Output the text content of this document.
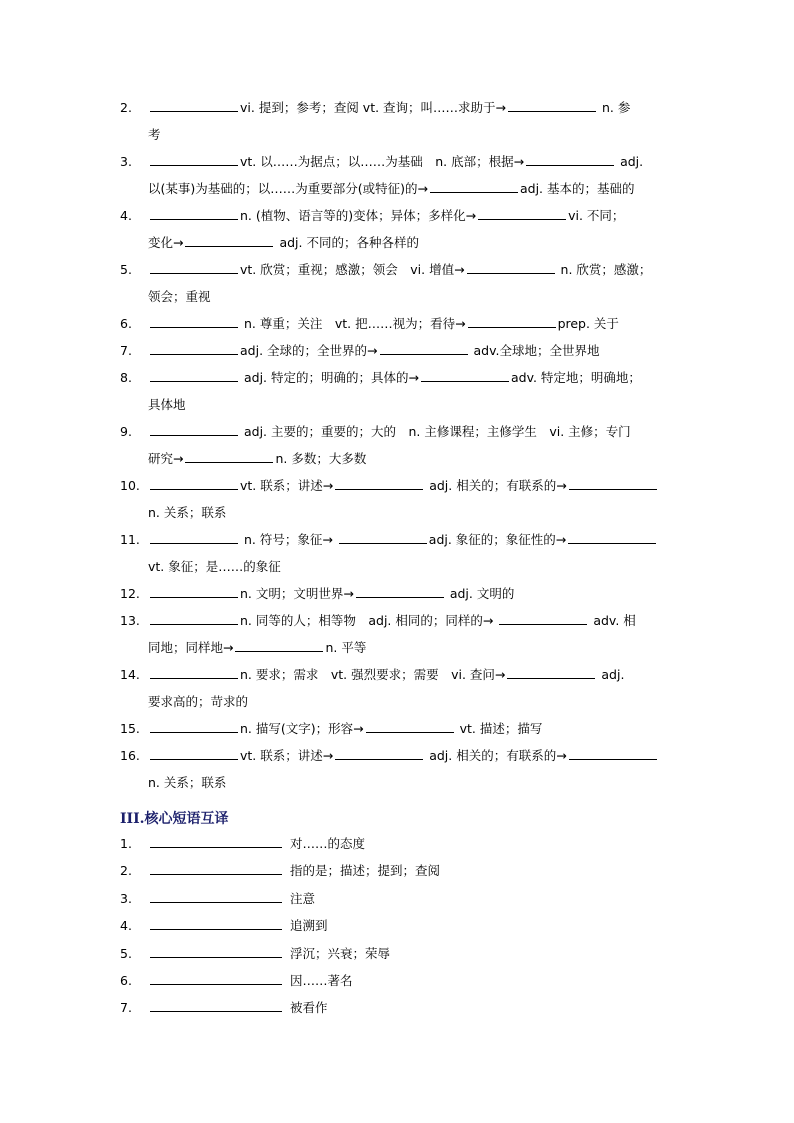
2.	vi. 提到；参考；查阅 vt. 查询；叫……求助于→	n. 参
考
3.	vt. 以……为据点；以……为基础　n. 底部；根据→	adj.
以(某事)为基础的；以……为重要部分(或特征)的→	adj. 基本的；基础的
4.	n. (植物、语言等的)变体；异体；多样化→	vi. 不同；
变化→	adj. 不同的；各种各样的
5.	vt. 欣赏；重视；感激；领会　vi. 增值→	n. 欣赏；感激；
领会；重视
6.	n. 尊重；关注　vt. 把……视为；看待→	prep. 关于
7.	adj. 全球的；全世界的→	adv.全球地；全世界地
8.	adj. 特定的；明确的；具体的→	adv. 特定地；明确地；
具体地
9.	adj. 主要的；重要的；大的　n. 主修课程；主修学生　vi. 主修；专门
研究→	n. 多数；大多数
10.	vt. 联系；讲述→	adj. 相关的；有联系的→
n. 关系；联系
11.	n. 符号；象征→	adj. 象征的；象征性的→
vt. 象征；是……的象征
12.	n. 文明；文明世界→	adj. 文明的
13.	n. 同等的人；相等物　adj. 相同的；同样的→	adv. 相
同地；同样地→	n. 平等
14.	n. 要求；需求　vt. 强烈要求；需要　vi. 查问→	adj.
要求高的；苛求的
15.	n. 描写(文字)；形容→	vt. 描述；描写
16.	vt. 联系；讲述→	adj. 相关的；有联系的→
n. 关系；联系
III.核心短语互译
1.	对……的态度
2.	指的是；描述；提到；查阅
3.	注意
4.	追溯到
5.	浮沉；兴衰；荣辱
6.	因……著名
7.	被看作
